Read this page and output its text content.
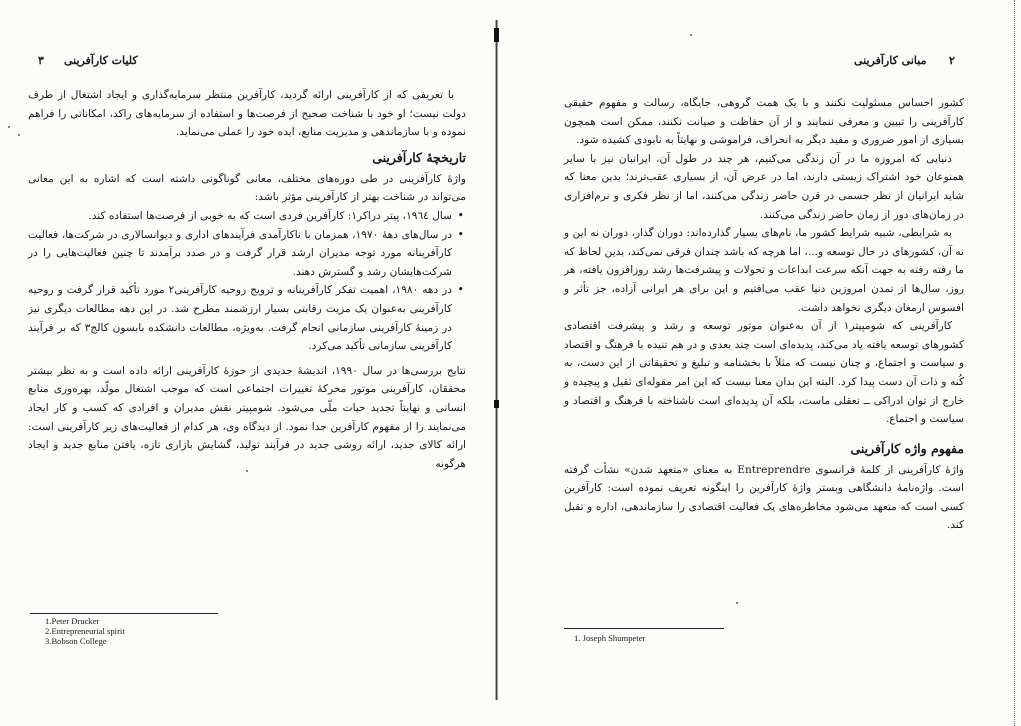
۳ کلیات کارآفرینی

با تعریفی که از کارآفرینی ارائه گردید، کارآفرین منتظر سرمایه‌گذاری و ایجاد اشتغال از طرف دولت نیست؛ او خود با شناخت صحیح از فرصت‌ها و استفاده از سرمایه‌های راکد، امکاناتی را فراهم نموده و با سازماندهی و مدیریت منابع، ایده خود را عملی می‌نماید.

تاریخچهٔ کارآفرینی

واژهٔ کارآفرینی در طی دوره‌های مختلف، معانی گوناگونی داشته است که اشاره به این معانی می‌تواند در شناخت بهتر از کارآفرینی مؤثر باشد:

• سال ۱۹٦٤، پیتر دراکر۱: کارآفرین فردی است که به خوبی از فرصت‌ها استفاده کند.
• در سال‌های دههٔ ۱۹۷۰، همزمان با ناکارآمدی فرآیندهای اداری و دیوانسالاری در شرکت‌ها، فعالیت کارآفرینانه مورد توجه مدیران ارشد قرار گرفت و در صدد برآمدند تا چنین فعالیت‌هایی را در شرکت‌هایشان رشد و گسترش دهند.
• در دهه ۱۹۸۰، اهمیت تفکر کارآفرینانه و ترویج روحیه کارآفرینی۲ مورد تأکید قرار گرفت و روحیه کارآفرینی به‌عنوان یک مزیت رقابتی بسیار ارزشمند مطرح شد. در این دهه مطالعات دیگری نیز در زمینهٔ کارآفرینی سازمانی انجام گرفت. به‌ویژه، مطالعات دانشکده بابسون کالج۳ که بر فرآیند کارآفرینی سازمانی تأکید می‌کرد.

نتایج بررسی‌ها در سال ۱۹۹۰، اندیشهٔ جدیدی از حوزهٔ کارآفرینی ارائه داده است و به نظر بیشتر محققان، کارآفرینی موتور محرکهٔ تغییرات اجتماعی است که موجب اشتغال مولّد، بهره‌وری منابع انسانی و نهایتاً تجدید حیات ملّی می‌شود. شومپیتر نقش مدیران و افرادی که کسب و کار ایجاد می‌نمایند را از مفهوم کارآفرین جدا نمود. از دیدگاه وی، هر کدام از فعالیت‌های زیر کارآفرینی است: ارائه کالای جدید، ارائه روشی جدید در فرآیند تولید، گشایش بازاری تازه، یافتن منابع جدید و ایجاد هرگونه

1.Peter Drucker
2.Entrepreneurial spirit
3.Bobson College
مبانی کارآفرینی ۲

کشور احساس مسئولیت نکنند و با یک همت گروهی، جایگاه، رسالت و مفهوم حقیقی کارآفرینی را تبیین و معرفی ننمایند و از آن حفاظت و صیانت نکنند، ممکن است همچون بسیاری از امور ضروری و مفید دیگر به انحراف، فراموشی و نهایتاً به نابودی کشیده شود.

دنیایی که امروزه ما در آن زندگی می‌کنیم، هر چند در طول آن، ایرانیان نیز با سایر همنوعان خود اشتراک زیستی دارند، اما در عرض آن، از بسیاری عقب‌ترند؛ بدین معنا که شاید ایرانیان از نظر جسمی در قرن حاضر زندگی می‌کنند، اما از نظر فکری و نرم‌افزاری در زمان‌های دور از زمان حاضر زندگی می‌کنند.

به شرایطی، شبیه شرایط کشور ما، نام‌های بسیار گذارده‌اند: دوران گذار، دوران نه این و نه آن، کشورهای در حال توسعه و...، اما هرچه که باشد چندان فرقی نمی‌کند، بدین لحاظ که ما رفته رفته به جهت آنکه سرعت ابداعات و تحولات و پیشرفت‌ها رشد روزافزون یافته، هر روز، سال‌ها از تمدن امروزین دنیا عقب می‌افتیم و این برای هر ایرانی آزاده، جز تأثر و افسوس ارمغان دیگری نخواهد داشت.

کارآفرینی که شومپیتر۱ از آن به‌عنوان موتور توسعه و رشد و پیشرفت اقتصادی کشورهای توسعه یافته یاد می‌کند، پدیده‌ای است چند بعدی و در هم تنیده با فرهنگ و اقتصاد و سیاست و اجتماع، و چنان نیست که مثلاً با بخشنامه و تبلیغ و تحقیقاتی از این دست، به کُنه و ذات آن دست پیدا کرد. البته این بدان معنا نیست که این امر مقوله‌ای ثقیل و پیچیده و خارج از توان ادراکی ــ تعقلی ماست، بلکه آن پدیده‌ای است ناشناخته با فرهنگ و اقتصاد و سیاست و اجتماع.

مفهوم واژه کارآفرینی

واژهٔ کارآفرینی از کلمهٔ فرانسوی Entreprendre به معنای «متعهد شدن» نشأت گرفته است. واژه‌نامهٔ دانشگاهی وبستر واژهٔ کارآفرین را اینگونه تعریف نموده است: کارآفرین کسی است که متعهد می‌شود مخاطره‌های یک فعالیت اقتصادی را سازماندهی، اداره و تقبل کند.

1. Joseph Shumpeter
